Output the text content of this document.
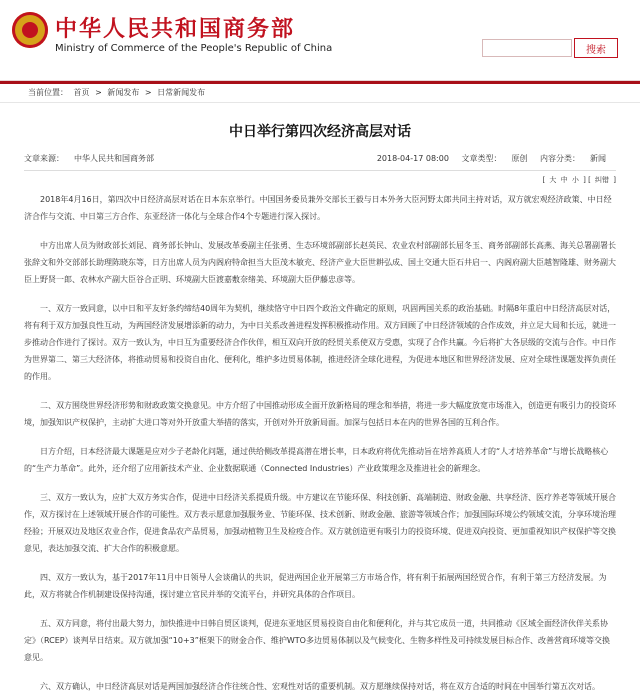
中华人民共和国商务部
Ministry of Commerce of the People's Republic of China	搜索
当前位置： 首页 > 新闻发布 > 日常新闻发布
中日举行第四次经济高层对话
文章来源： 中华人民共和国商务部	2018-04-17 08:00 文章类型： 原创 内容分类： 新闻
[ 大 中 小 ] [ 纠错 ]

2018年4月16日，第四次中日经济高层对话在日本东京举行。中国国务委员兼外交部长王毅与日本外务大臣河野太郎共同主持对话，双方就宏观经济政策、中日经济合作与交流、中日第三方合作、东亚经济一体化与全球合作4个专题进行深入探讨。

中方出席人员为财政部长刘昆、商务部长钟山、发展改革委副主任张勇、生态环境部副部长赵英民、农业农村部副部长屈冬玉、商务部副部长高燕、海关总署副署长张辞文和外交部部长助理陈晓东等，日方出席人员为内阁府特命担当大臣茂木敏充、经济产业大臣世耕弘成、国土交通大臣石井启一、内阁府副大臣越智隆雄、财务副大臣上野贤一郎、农林水产副大臣谷合正明、环境副大臣渡嘉敷奈绪美、环境副大臣伊藤忠彦等。

一、双方一致同意，以中日和平友好条约缔结40周年为契机，继续恪守中日四个政治文件确定的原则，巩固两国关系的政治基础。时隔8年重启中日经济高层对话，将有利于双方加强良性互动，为两国经济发展增添新的动力，为中日关系改善进程发挥积极推动作用。双方回顾了中日经济领域的合作成效，并立足大局和长远，就进一步推动合作进行了探讨。双方一致认为，中日互为重要经济合作伙伴，相互双向开放的经贸关系使双方受惠，实现了合作共赢。今后将扩大各层级的交流与合作。中日作为世界第二、第三大经济体，将推动贸易和投资自由化、便利化，维护多边贸易体制，推进经济全球化进程，为促进本地区和世界经济发展、应对全球性课题发挥负责任的作用。

二、双方围绕世界经济形势和财政政策交换意见。中方介绍了中国推动形成全面开放新格局的理念和举措，将进一步大幅度放宽市场准入，创造更有吸引力的投资环境，加强知识产权保护，主动扩大进口等对外开放重大举措的落实，开创对外开放新局面。加深与包括日本在内的世界各国的互利合作。

日方介绍，日本经济最大课题是应对少子老龄化问题，通过供给侧改革提高潜在增长率，日本政府将优先推动旨在培养高质人才的“人才培养革命”与增长战略核心的“生产力革命”。此外，还介绍了应用新技术产业、企业数据联通（Connected Industries）产业政策理念及推进社会的新理念。

三、双方一致认为，应扩大双方务实合作，促进中日经济关系提质升级。中方建议在节能环保、科技创新、高端制造、财政金融、共享经济、医疗养老等领域开展合作，双方探讨在上述领域开展合作的可能性。双方表示愿意加强服务业、节能环保、技术创新、财政金融、旅游等领域合作；加强国际环境公约领域交流，分享环境治理经验；开展双边及地区农业合作，促进食品农产品贸易，加强动植物卫生及检疫合作。双方就创造更有吸引力的投资环境、促进双向投资、更加重视知识产权保护等交换意见，表达加强交流、扩大合作的积极意愿。

四、双方一致认为，基于2017年11月中日领导人会谈确认的共识，促进两国企业开展第三方市场合作，将有利于拓展两国经贸合作，有利于第三方经济发展。为此，双方将就合作机制建设保持沟通，探讨建立官民并举的交流平台，并研究具体的合作项目。

五、双方同意，将付出最大努力，加快推进中日韩自贸区谈判，促进东亚地区贸易投资自由化和便利化，并与其它成员一道，共同推动《区域全面经济伙伴关系协定》（RCEP）谈判早日结束。双方就加强“10+3”框架下的财金合作、维护WTO多边贸易体制以及气候变化、生物多样性及可持续发展目标合作、改善营商环境等交换意见。

六、双方确认，中日经济高层对话是两国加强经济合作往统合性、宏观性对话的重要机制。双方愿继续保持对话，将在双方合适的时间在中国举行第五次对话。
